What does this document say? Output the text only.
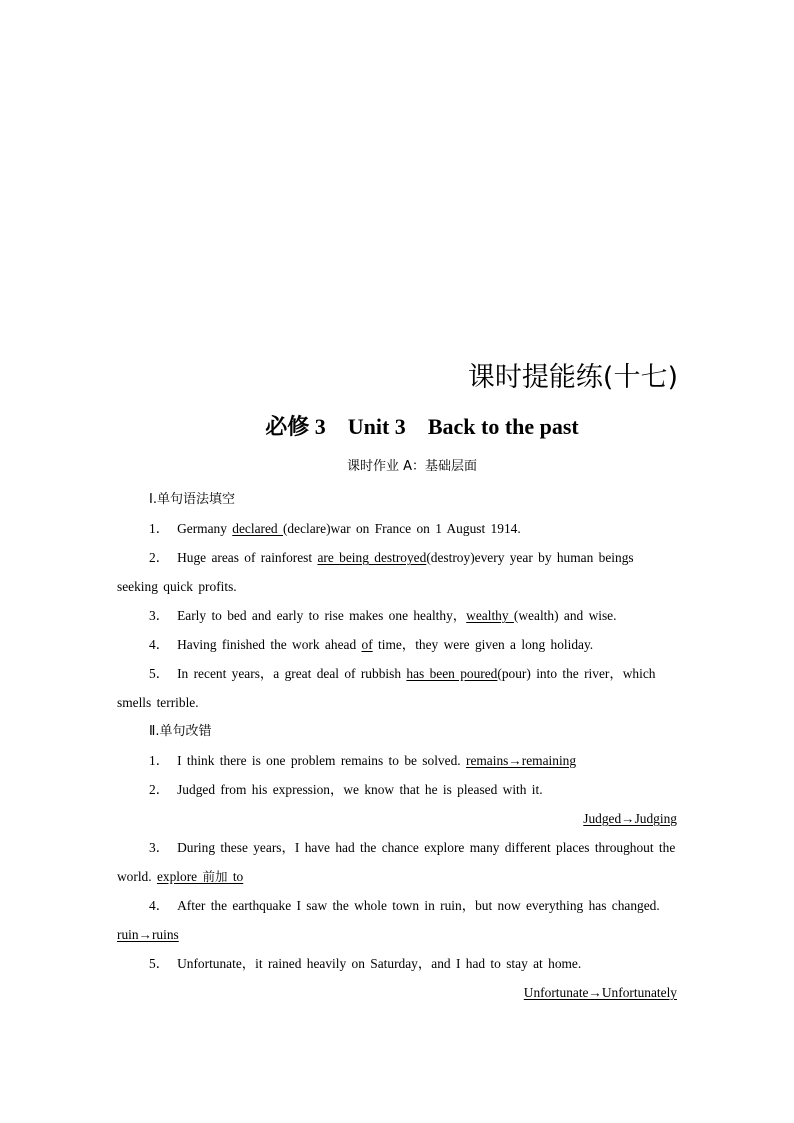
课时提能练(十七)
必修 3 Unit 3 Back to the past
课时作业 A：基础层面
Ⅰ.单句语法填空
1． Germany declared (declare)war on France on 1 August 1914.
2． Huge areas of rainforest are being destroyed(destroy)every year by human beings seeking quick profits.
3． Early to bed and early to rise makes one healthy，wealthy (wealth) and wise.
4． Having finished the work ahead of time，they were given a long holiday.
5． In recent years，a great deal of rubbish has been poured(pour) into the river，which smells terrible.
Ⅱ.单句改错
1． I think there is one problem remains to be solved. remains→remaining
2． Judged from his expression，we know that he is pleased with it.
Judged→Judging
3． During these years，I have had the chance explore many different places throughout the world. explore 前加 to
4． After the earthquake I saw the whole town in ruin，but now everything has changed. ruin→ruins
5． Unfortunate，it rained heavily on Saturday，and I had to stay at home.
Unfortunate→Unfortunately
